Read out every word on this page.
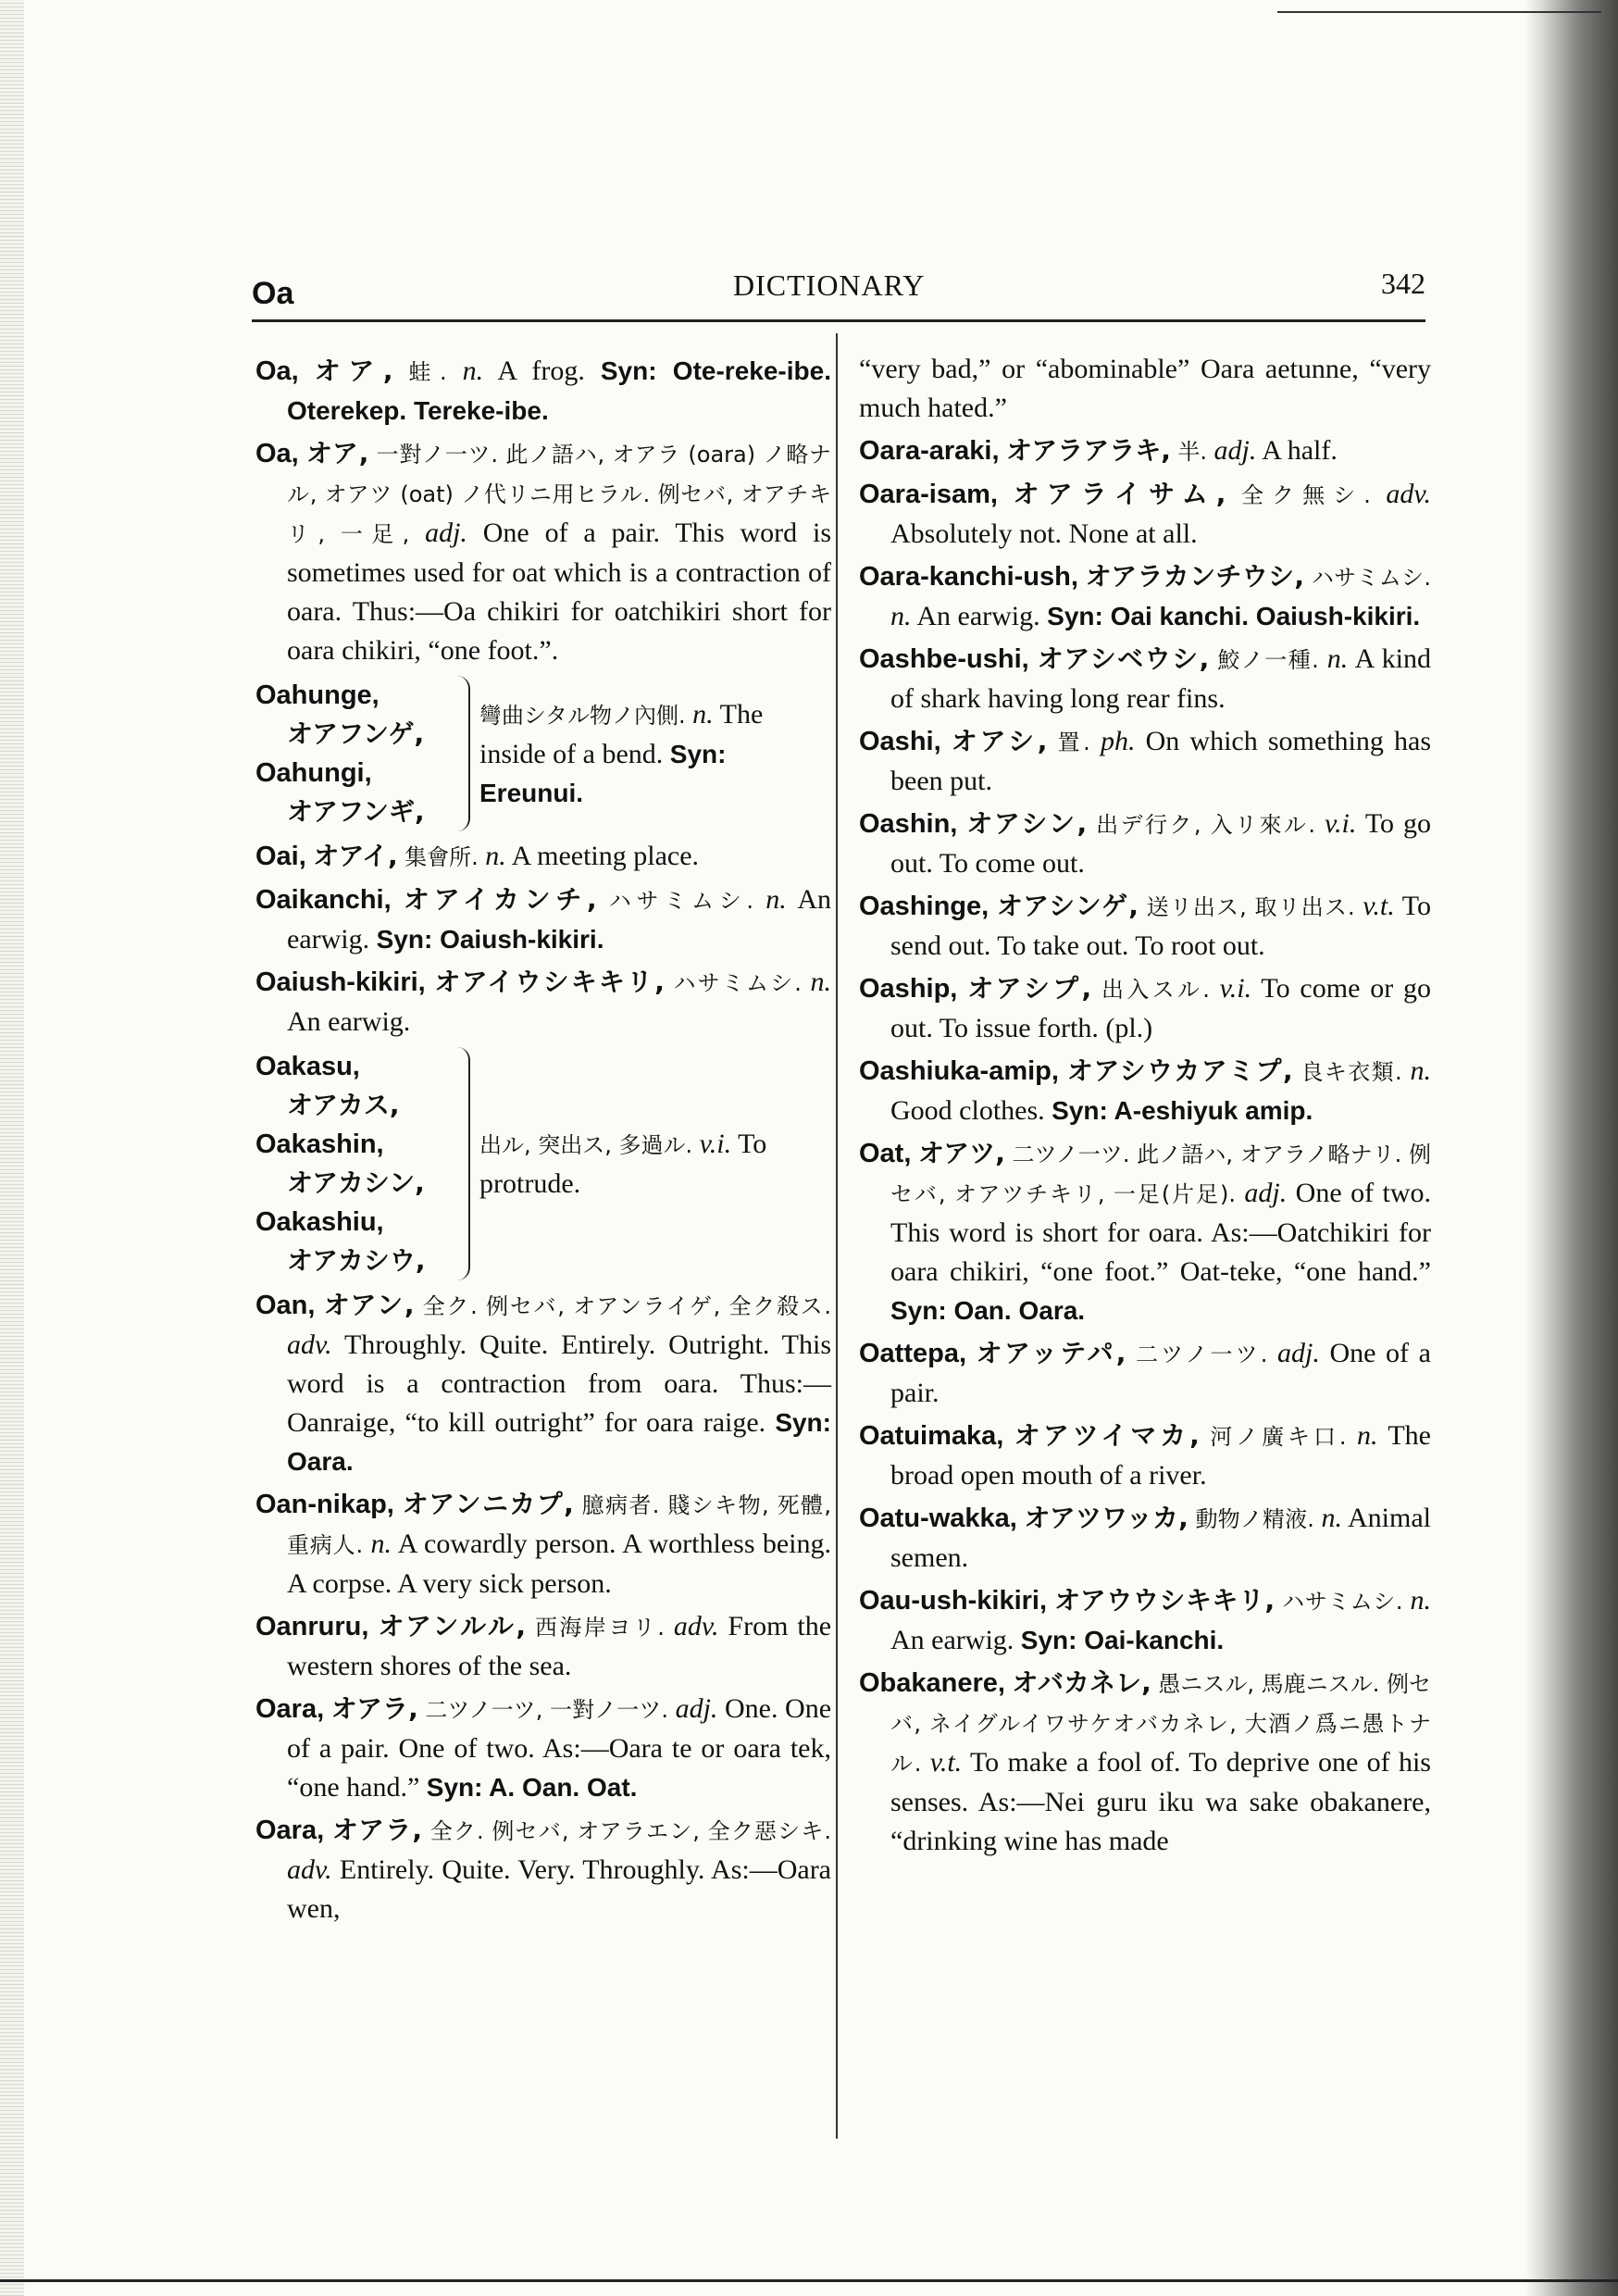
Oa	DICTIONARY	342
Oa, オア, 蛙. n. A frog. Syn: Ote-reke-ibe. Oterekep. Tereke-ibe.
Oa, オア, 一對ノ一ツ. 此ノ語ハ, オアラ (oara) ノ略ナル, オアツ (oat) ノ代リニ用ヒラル. 例セバ, オアチキリ, 一足, adj. One of a pair. This word is sometimes used for oat which is a contraction of oara. Thus:—Oa chikiri for oatchikiri short for oara chikiri, “one foot.”.
Oahunge,
オアフンゲ,
Oahungi,
オアフンギ,
彎曲シタル物ノ內側. n. The inside of a bend. Syn: Ereunui.
Oai, オアイ, 集會所. n. A meeting place.
Oaikanchi, オアイカンチ, ハサミムシ. n. An earwig. Syn: Oaiush-kikiri.
Oaiush-kikiri, オアイウシキキリ, ハサミムシ. n. An earwig.
Oakasu,
オアカス,
Oakashin,
オアカシン,
Oakashiu,
オアカシウ,
出ル, 突出ス, 多過ル. v.i. To protrude.
Oan, オアン, 全ク. 例セバ, オアンライゲ, 全ク殺ス. adv. Throughly. Quite. Entirely. Outright. This word is a contraction from oara. Thus:—Oanraige, “to kill outright” for oara raige. Syn: Oara.
Oan-nikap, オアンニカプ, 臆病者. 賤シキ物, 死體, 重病人. n. A cowardly person. A worthless being. A corpse. A very sick person.
Oanruru, オアンルル, 西海岸ヨリ. adv. From the western shores of the sea.
Oara, オアラ, 二ツノ一ツ, 一對ノ一ツ. adj. One. One of a pair. One of two. As:—Oara te or oara tek, “one hand.” Syn: A. Oan. Oat.
Oara, オアラ, 全ク. 例セバ, オアラエン, 全ク惡シキ. adv. Entirely. Quite. Very. Throughly. As:—Oara wen,
“very bad,” or “abominable” Oara aetunne, “very much hated.”
Oara-araki, オアラアラキ, 半. adj. A half.
Oara-isam, オアライサム, 全ク無シ. adv. Absolutely not. None at all.
Oara-kanchi-ush, オアラカンチウシ, ハサミムシ. n. An earwig. Syn: Oai kanchi. Oaiush-kikiri.
Oashbe-ushi, オアシベウシ, 鮫ノ一種. n. A kind of shark having long rear fins.
Oashi, オアシ, 置. ph. On which something has been put.
Oashin, オアシン, 出デ行ク, 入リ來ル. v.i. To go out. To come out.
Oashinge, オアシンゲ, 送リ出ス, 取リ出ス. v.t. To send out. To take out. To root out.
Oaship, オアシプ, 出入スル. v.i. To come or go out. To issue forth. (pl.)
Oashiuka-amip, オアシウカアミプ, 良キ衣類. n. Good clothes. Syn: A-eshiyuk amip.
Oat, オアツ, 二ツノ一ツ. 此ノ語ハ, オアラノ略ナリ. 例セバ, オアツチキリ, 一足(片足). adj. One of two. This word is short for oara. As:—Oatchikiri for oara chikiri, “one foot.” Oat-teke, “one hand.” Syn: Oan. Oara.
Oattepa, オアッテパ, 二ツノ一ツ. adj. One of a pair.
Oatuimaka, オアツイマカ, 河ノ廣キ口. n. The broad open mouth of a river.
Oatu-wakka, オアツワッカ, 動物ノ精液. n. Animal semen.
Oau-ush-kikiri, オアウウシキキリ, ハサミムシ. n. An earwig. Syn: Oai-kanchi.
Obakanere, オバカネレ, 愚ニスル, 馬鹿ニスル. 例セバ, ネイグルイワサケオバカネレ, 大酒ノ爲ニ愚トナル. v.t. To make a fool of. To deprive one of his senses. As:—Nei guru iku wa sake obakanere, “drinking wine has made
